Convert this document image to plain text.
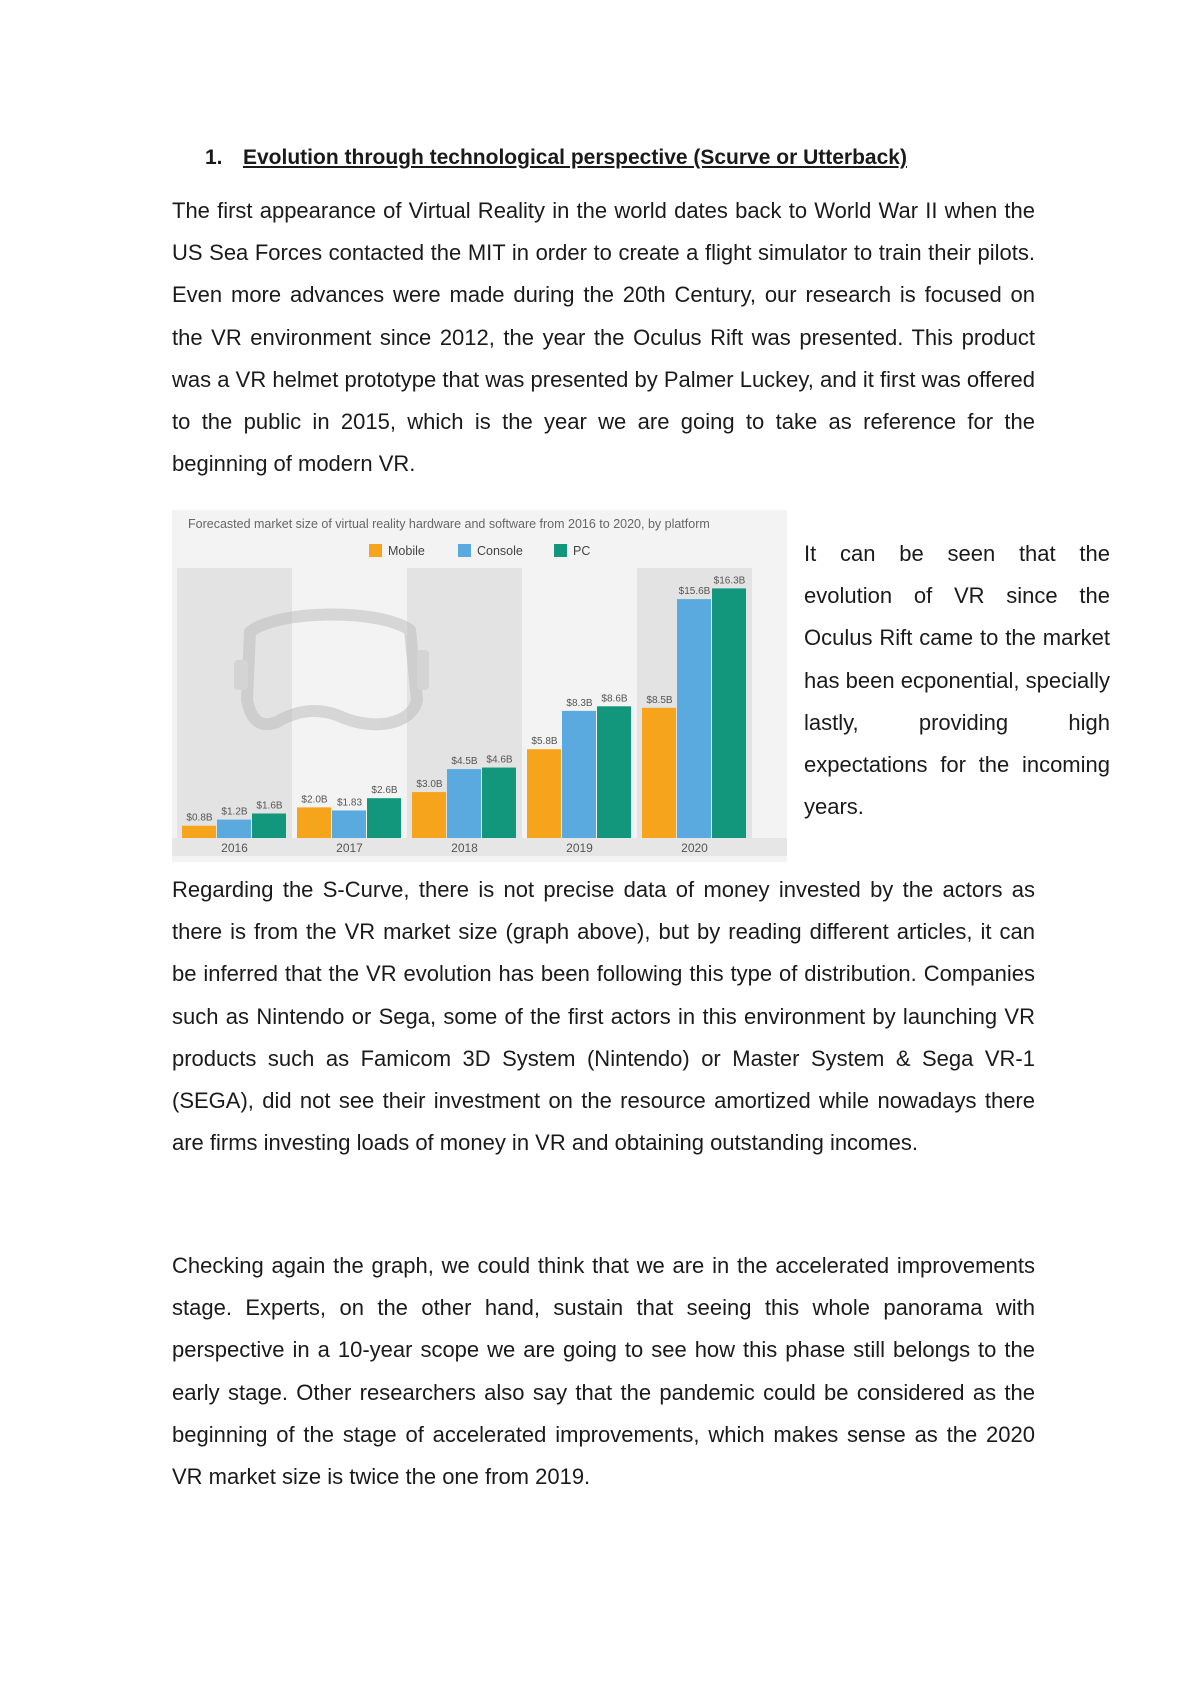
1. Evolution through technological perspective (Scurve or Utterback)

The first appearance of Virtual Reality in the world dates back to World War II when the US Sea Forces contacted the MIT in order to create a flight simulator to train their pilots. Even more advances were made during the 20th Century, our research is focused on the VR environment since 2012, the year the Oculus Rift was presented. This product was a VR helmet prototype that was presented by Palmer Luckey, and it first was offered to the public in 2015, which is the year we are going to take as reference for the beginning of modern VR.

Forecasted market size of virtual reality hardware and software from 2016 to 2020, by platform
Mobile	Console	PC
$0.8B
$1.2B
$1.6B
$2.0B $1.83
$2.6B
$3.0B
$4.5B $4.6B
$5.8B
$8.3B $8.6B $8.5B
$15.6B
$16.3B
2016	2017	2018	2019	2020

It can be seen that the evolution of VR since the Oculus Rift came to the market has been ecponential, specially lastly, providing high expectations for the incoming years.

Regarding the S-Curve, there is not precise data of money invested by the actors as there is from the VR market size (graph above), but by reading different articles, it can be inferred that the VR evolution has been following this type of distribution. Companies such as Nintendo or Sega, some of the first actors in this environment by launching VR products such as Famicom 3D System (Nintendo) or Master System & Sega VR-1 (SEGA), did not see their investment on the resource amortized while nowadays there are firms investing loads of money in VR and obtaining outstanding incomes.

Checking again the graph, we could think that we are in the accelerated improvements stage. Experts, on the other hand, sustain that seeing this whole panorama with perspective in a 10-year scope we are going to see how this phase still belongs to the early stage. Other researchers also say that the pandemic could be considered as the beginning of the stage of accelerated improvements, which makes sense as the 2020 VR market size is twice the one from 2019.
